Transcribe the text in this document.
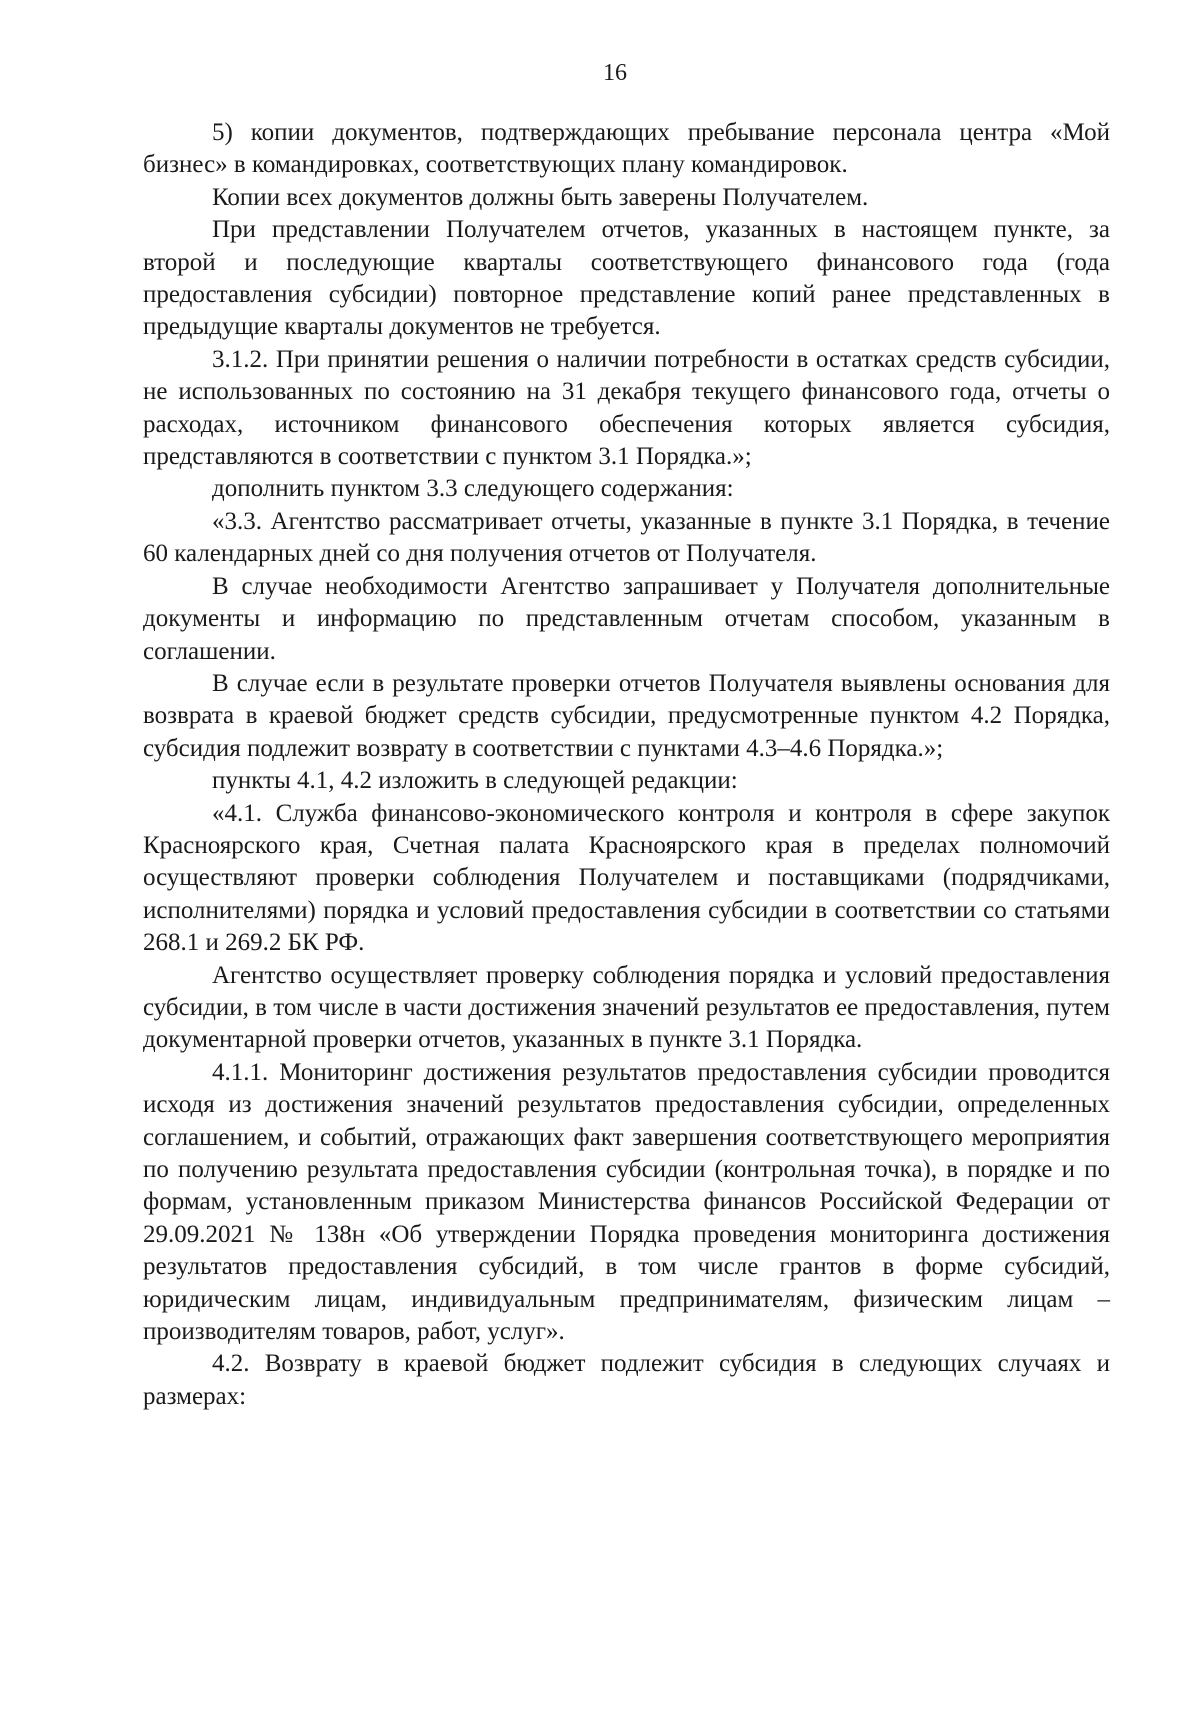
16

5) копии документов, подтверждающих пребывание персонала центра «Мой бизнес» в командировках, соответствующих плану командировок.

Копии всех документов должны быть заверены Получателем.

При представлении Получателем отчетов, указанных в настоящем пункте, за второй и последующие кварталы соответствующего финансового года (года предоставления субсидии) повторное представление копий ранее представленных в предыдущие кварталы документов не требуется.

3.1.2. При принятии решения о наличии потребности в остатках средств субсидии, не использованных по состоянию на 31 декабря текущего финансового года, отчеты о расходах, источником финансового обеспечения которых является субсидия, представляются в соответствии с пунктом 3.1 Порядка.»;

дополнить пунктом 3.3 следующего содержания:

«3.3. Агентство рассматривает отчеты, указанные в пункте 3.1 Порядка, в течение 60 календарных дней со дня получения отчетов от Получателя.

В случае необходимости Агентство запрашивает у Получателя дополнительные документы и информацию по представленным отчетам способом, указанным в соглашении.

В случае если в результате проверки отчетов Получателя выявлены основания для возврата в краевой бюджет средств субсидии, предусмотренные пунктом 4.2 Порядка, субсидия подлежит возврату в соответствии с пунктами 4.3–4.6 Порядка.»;

пункты 4.1, 4.2 изложить в следующей редакции:

«4.1. Служба финансово-экономического контроля и контроля в сфере закупок Красноярского края, Счетная палата Красноярского края в пределах полномочий осуществляют проверки соблюдения Получателем и поставщиками (подрядчиками, исполнителями) порядка и условий предоставления субсидии в соответствии со статьями 268.1 и 269.2 БК РФ.

Агентство осуществляет проверку соблюдения порядка и условий предоставления субсидии, в том числе в части достижения значений результатов ее предоставления, путем документарной проверки отчетов, указанных в пункте 3.1 Порядка.

4.1.1. Мониторинг достижения результатов предоставления субсидии проводится исходя из достижения значений результатов предоставления субсидии, определенных соглашением, и событий, отражающих факт завершения соответствующего мероприятия по получению результата предоставления субсидии (контрольная точка), в порядке и по формам, установленным приказом Министерства финансов Российской Федерации от 29.09.2021 № 138н «Об утверждении Порядка проведения мониторинга достижения результатов предоставления субсидий, в том числе грантов в форме субсидий, юридическим лицам, индивидуальным предпринимателям, физическим лицам – производителям товаров, работ, услуг».

4.2. Возврату в краевой бюджет подлежит субсидия в следующих случаях и размерах:
